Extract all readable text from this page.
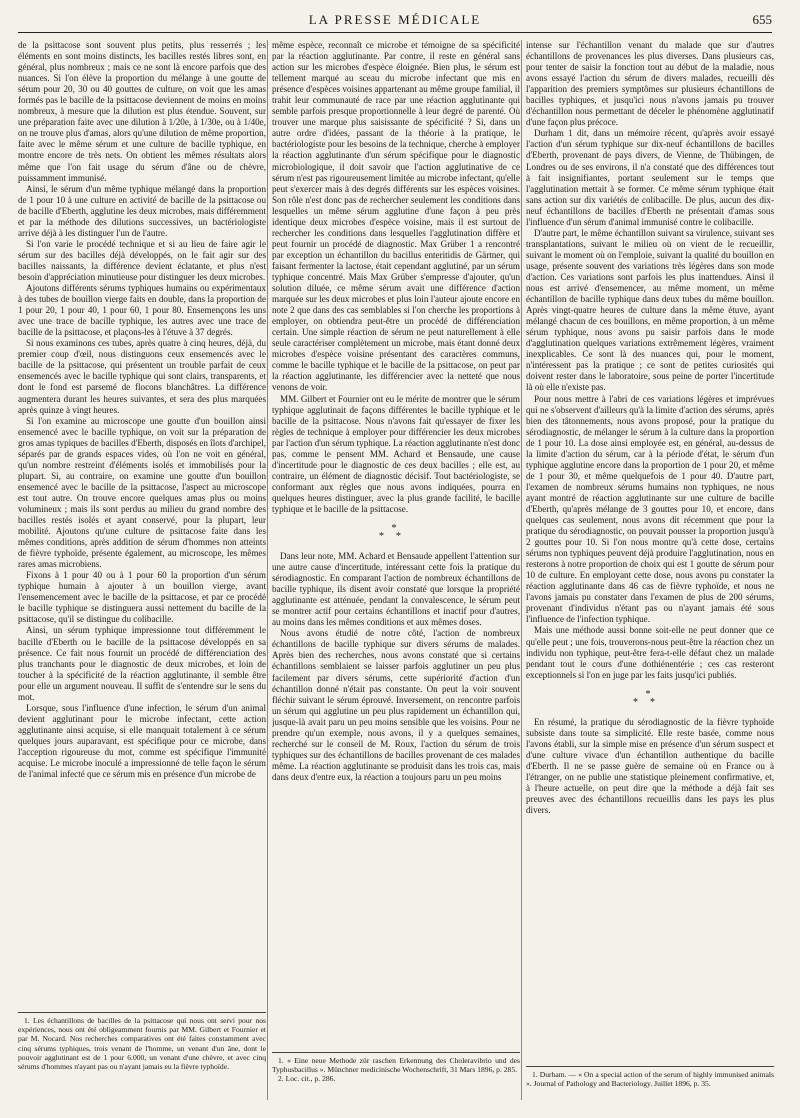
LA PRESSE MÉDICALE	655

de la psittacose sont souvent plus petits, plus resserrés ; les éléments en sont moins distincts, les bacilles restés libres sont, en général, plus nombreux ; mais ce ne sont là encore parfois que des nuances. Si l'on élève la proportion du mélange à une goutte de sérum pour 20, 30 ou 40 gouttes de culture, on voit que les amas formés pas le bacille de la psittacose deviennent de moins en moins nombreux, à mesure que la dilution est plus étendue. Souvent, sur une préparation faite avec une dilution à 1/20e, à 1/30e, ou à 1/40e, on ne trouve plus d'amas, alors qu'une dilution de même proportion, faite avec le même sérum et une culture de bacille typhique, en montre encore de très nets. On obtient les mêmes résultats alors même que l'on fait usage du sérum d'âne ou de chèvre, puissamment immunisé.

Ainsi, le sérum d'un même typhique mélangé dans la proportion de 1 pour 10 à une culture en activité de bacille de la psittacose ou de bacille d'Eberth, agglutine les deux microbes, mais différemment et par la méthode des dilutions successives, un bactériologiste arrive déjà à les distinguer l'un de l'autre.

Si l'on varie le procédé technique et si au lieu de faire agir le sérum sur des bacilles déjà développés, on le fait agir sur des bacilles naissants, la différence devient éclatante, et plus n'est besoin d'appréciation minutieuse pour distinguer les deux microbes.

Ajoutons différents sérums typhiques humains ou expérimentaux à des tubes de bouillon vierge faits en double, dans la proportion de 1 pour 20, 1 pour 40, 1 pour 60, 1 pour 80. Ensemençons les uns avec une trace de bacille typhique, les autres avec une trace de bacille de la psittacose, et plaçons-les à l'étuve à 37 degrés.

Si nous examinons ces tubes, après quatre à cinq heures, déjà, du premier coup d'œil, nous distinguons ceux ensemencés avec le bacille de la psittacose, qui présentent un trouble parfait de ceux ensemencés avec le bacille typhique qui sont clairs, transparents, et dont le fond est parsemé de flocons blanchâtres. La différence augmentera durant les heures suivantes, et sera des plus marquées après quinze à vingt heures.

Si l'on examine au microscope une goutte d'un bouillon ainsi ensemencé avec le bacille typhique, on voit sur la préparation de gros amas typiques de bacilles d'Eberth, disposés en îlots d'archipel, séparés par de grands espaces vides, où l'on ne voit en général, qu'un nombre restreint d'éléments isolés et immobilisés pour la plupart. Si, au contraire, on examine une goutte d'un bouillon ensemencé avec le bacille de la psittacose, l'aspect au microscope est tout autre. On trouve encore quelques amas plus ou moins volumineux ; mais ils sont perdus au milieu du grand nombre des bacilles restés isolés et ayant conservé, pour la plupart, leur mobilité. Ajoutons qu'une culture de psittacose faite dans les mêmes conditions, après addition de sérum d'hommes non atteints de fièvre typhoïde, présente également, au microscope, les mêmes rares amas microbiens.

Fixons à 1 pour 40 ou à 1 pour 60 la proportion d'un sérum typhique humain à ajouter à un bouillon vierge, avant l'ensemencement avec le bacille de la psittacose, et par ce procédé le bacille typhique se distinguera aussi nettement du bacille de la psittacose, qu'il se distingue du colibacille.

Ainsi, un sérum typhique impressionne tout différemment le bacille d'Eberth ou le bacille de la psittacose développés en sa présence. Ce fait nous fournit un procédé de différenciation des plus tranchants pour le diagnostic de deux microbes, et loin de toucher à la spécificité de la réaction agglutinante, il semble être pour elle un argument nouveau. Il suffit de s'entendre sur le sens du mot.

Lorsque, sous l'influence d'une infection, le sérum d'un animal devient agglutinant pour le microbe infectant, cette action agglutinante ainsi acquise, si elle manquait totalement à ce sérum quelques jours auparavant, est spécifique pour ce microbe, dans l'acception rigoureuse du mot, comme est spécifique l'immunité acquise. Le microbe inoculé a impressionné de telle façon le sérum de l'animal infecté que ce sérum mis en présence d'un microbe de

1. Les échantillons de bacilles de la psittacose qui nous ont servi pour nos expériences, nous ont été obligeamment fournis par MM. Gilbert et Fournier et par M. Nocard. Nos recherches comparatives ont été faites constamment avec cinq sérums typhiques, trois venant de l'homme, un venant d'un âne, dont le pouvoir agglutinant est de 1 pour 6.000, un venant d'une chèvre, et avec cinq sérums d'hommes n'ayant pas ou n'ayant jamais eu la fièvre typhoïde.

même espèce, reconnaît ce microbe et témoigne de sa spécificité par la réaction agglutinante. Par contre, il reste en général sans action sur les microbes d'espèce éloignée. Bien plus, le sérum est tellement marqué au sceau du microbe infectant que mis en présence d'espèces voisines appartenant au même groupe familial, il trahit leur communauté de race par une réaction agglutinante qui semble parfois presque proportionnelle à leur degré de parenté. Où trouver une marque plus saisissante de spécificité ? Si, dans un autre ordre d'idées, passant de la théorie à la pratique, le bactériologiste pour les besoins de la technique, cherche à employer la réaction agglutinante d'un sérum spécifique pour le diagnostic microbiologique, il doit savoir que l'action agglutinative de ce sérum n'est pas rigoureusement limitée au microbe infectant, qu'elle peut s'exercer mais à des degrés différents sur les espèces voisines. Son rôle n'est donc pas de rechercher seulement les conditions dans lesquelles un même sérum agglutine d'une façon à peu près identique deux microbes d'espèce voisine, mais il est surtout de rechercher les conditions dans lesquelles l'agglutination diffère et peut fournir un procédé de diagnostic. Max Grüber 1 a rencontré par exception un échantillon du bacillus enteritidis de Gärtner, qui faisant fermenter la lactose, était cependant agglutiné, par un sérum typhique concentré. Mais Max Grüber s'empresse d'ajouter, qu'un solution diluée, ce même sérum avait une différence d'action marquée sur les deux microbes et plus loin l'auteur ajoute encore en note 2 que dans des cas semblables si l'on cherche les proportions à employer, on obtiendra peut-être un procédé de différenciation certain. Une simple réaction de sérum ne peut naturellement à elle seule caractériser complètement un microbe, mais étant donné deux microbes d'espèce voisine présentant des caractères communs, comme le bacille typhique et le bacille de la psittacose, on peut par la réaction agglutinante, les différencier avec la netteté que nous venons de voir.

MM. Gilbert et Fournier ont eu le mérite de montrer que le sérum typhique agglutinait de façons différentes le bacille typhique et le bacille de la psittacose. Nous n'avons fait qu'essayer de fixer les règles de technique à employer pour différencier les deux microbes par l'action d'un sérum typhique. La réaction agglutinante n'est donc pas, comme le pensent MM. Achard et Bensaude, une cause d'incertitude pour le diagnostic de ces deux bacilles ; elle est, au contraire, un élément de diagnostic décisif. Tout bactériologiste, se conformant aux règles que nous avons indiquées, pourra en quelques heures distinguer, avec la plus grande facilité, le bacille typhique et le bacille de la psittacose.

*
**

Dans leur note, MM. Achard et Bensaude appellent l'attention sur une autre cause d'incertitude, intéressant cette fois la pratique du sérodiagnostic. En comparant l'action de nombreux échantillons de bacille typhique, ils disent avoir constaté que lorsque la propriété agglutinante est atténuée, pendant la convalescence, le sérum peut se montrer actif pour certains échantillons et inactif pour d'autres, au moins dans les mêmes conditions et aux mêmes doses.

Nous avons étudié de notre côté, l'action de nombreux échantillons de bacille typhique sur divers sérums de malades. Après bien des recherches, nous avons constaté que si certains échantillons semblaient se laisser parfois agglutiner un peu plus facilement par divers sérums, cette supériorité d'action d'un échantillon donné n'était pas constante. On peut la voir souvent fléchir suivant le sérum éprouvé. Inversement, on rencontre parfois un sérum qui agglutine un peu plus rapidement un échantillon qui, jusque-là avait paru un peu moins sensible que les voisins. Pour ne prendre qu'un exemple, nous avons, il y a quelques semaines, recherché sur le conseil de M. Roux, l'action du sérum de trois typhiques sur des échantillons de bacilles provenant de ces malades même. La réaction agglutinante se produisit dans les trois cas, mais dans deux d'entre eux, la réaction a toujours paru un peu moins

1. « Eine neue Methode zür raschen Erkennung des Choleravibrio und des Typhusbacillus ». Münchner medicinische Wochenschrift, 31 Mars 1896, p. 285.

2. Loc. cit., p. 286.

intense sur l'échantillon venant du malade que sur d'autres échantillons de provenances les plus diverses. Dans plusieurs cas, pour tenter de saisir la fonction tout au début de la maladie, nous avons essayé l'action du sérum de divers malades, recueilli dès l'apparition des premiers symptômes sur plusieurs échantillons de bacilles typhiques, et jusqu'ici nous n'avons jamais pu trouver d'échantillon nous permettant de déceler le phénomène agglutinatif d'une façon plus précoce.

Durham 1 dit, dans un mémoire récent, qu'après avoir essayé l'action d'un sérum typhique sur dix-neuf échantillons de bacilles d'Eberth, provenant de pays divers, de Vienne, de Thübingen, de Londres ou de ses environs, il n'a constaté que des différences tout à fait insignifiantes, portant seulement sur le temps que l'agglutination mettait à se former. Ce même sérum typhique était sans action sur dix variétés de colibacille. De plus, aucun des dix-neuf échantillons de bacilles d'Eberth ne présentait d'amas sous l'influence d'un sérum d'animal immunisé contre le colibacille.

D'autre part, le même échantillon suivant sa virulence, suivant ses transplantations, suivant le milieu où on vient de le recueillir, suivant le moment où on l'emploie, suivant la qualité du bouillon en usage, présente souvent des variations très légères dans son mode d'action. Ces variations sont parfois les plus inattendues. Ainsi il nous est arrivé d'ensemencer, au même moment, un même échantillon de bacille typhique dans deux tubes du même bouillon. Après vingt-quatre heures de culture dans la même étuve, ayant mélangé chacun de ces bouillons, en même proportion, à un même sérum typhique, nous avons pu saisir parfois dans le mode d'agglutination quelques variations extrêmement légères, vraiment inexplicables. Ce sont là des nuances qui, pour le moment, n'intéressent pas la pratique ; ce sont de petites curiosités qui doivent rester dans le laboratoire, sous peine de porter l'incertitude là où elle n'existe pas.

Pour nous mettre à l'abri de ces variations légères et imprévues qui ne s'observent d'ailleurs qu'à la limite d'action des sérums, après bien des tâtonnements, nous avons proposé, pour la pratique du sérodiagnostic, de mélanger le sérum à la culture dans la proportion de 1 pour 10. La dose ainsi employée est, en général, au-dessus de la limite d'action du sérum, car à la période d'état, le sérum d'un typhique agglutine encore dans la proportion de 1 pour 20, et même de 1 pour 30, et même quelquefois de 1 pour 40. D'autre part, l'examen de nombreux sérums humains non typhiques, ne nous ayant montré de réaction agglutinante sur une culture de bacille d'Eberth, qu'après mélange de 3 gouttes pour 10, et encore, dans quelques cas seulement, nous avons dit récemment que pour la pratique du sérodiagnostic, on pouvait pousser la proportion jusqu'à 2 gouttes pour 10. Si l'on nous montre qu'à cette dose, certains sérums non typhiques peuvent déjà produire l'agglutination, nous en resterons à notre proportion de choix qui est 1 goutte de sérum pour 10 de culture. En employant cette dose, nous avons pu constater la réaction agglutinante dans 46 cas de fièvre typhoïde, et nous ne l'avons jamais pu constater dans l'examen de plus de 200 sérums, provenant d'individus n'étant pas ou n'ayant jamais été sous l'influence de l'infection typhique.

Mais une méthode aussi bonne soit-elle ne peut donner que ce qu'elle peut ; une fois, trouverons-nous peut-être la réaction chez un individu non typhique, peut-être fera-t-elle défaut chez un malade pendant tout le cours d'une dothiénentérie ; ces cas resteront exceptionnels si l'on en juge par les faits jusqu'ici publiés.

*
**

En résumé, la pratique du sérodiagnostic de la fièvre typhoïde subsiste dans toute sa simplicité. Elle reste basée, comme nous l'avons établi, sur la simple mise en présence d'un sérum suspect et d'une culture vivace d'un échantillon authentique du bacille d'Eberth. Il ne se passe guère de semaine où en France ou à l'étranger, on ne publie une statistique pleinement confirmative, et, à l'heure actuelle, on peut dire que la méthode a déjà fait ses preuves avec des échantillons recueillis dans les pays les plus divers.

1. Durham. — « On a special action of the serum of highly immunised animals ». Journal of Pathology and Bacteriology. Juillet 1896, p. 35.
